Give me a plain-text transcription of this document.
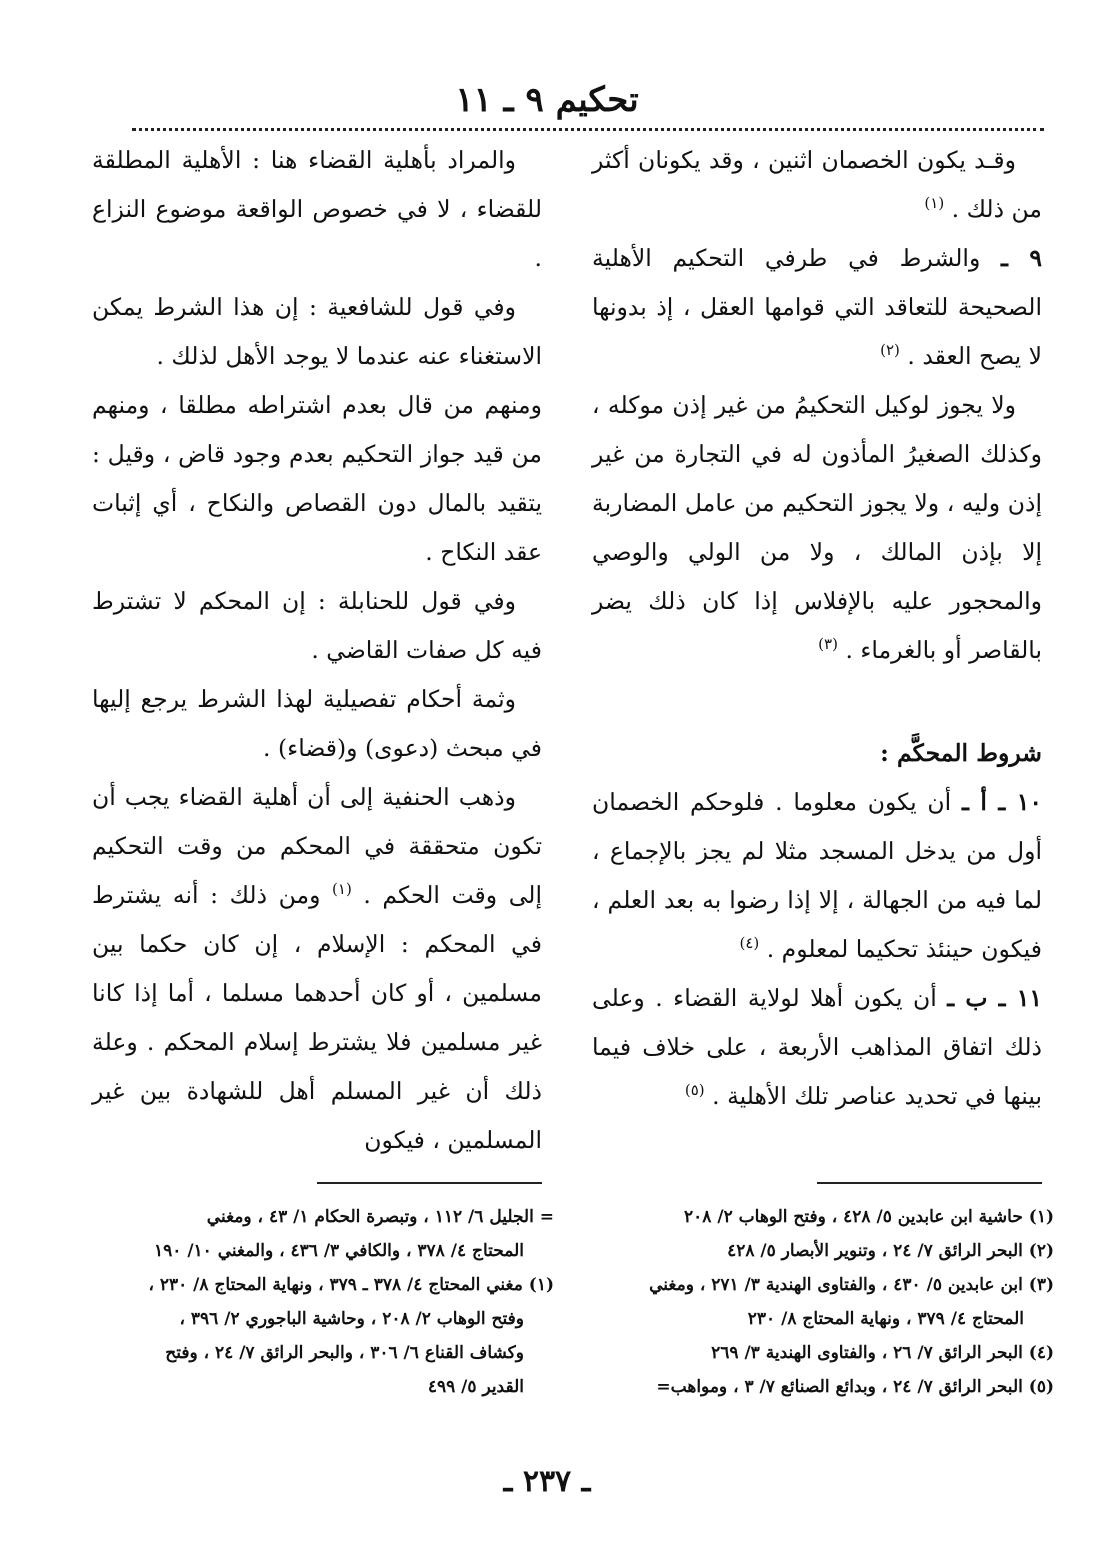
تحكيم ٩ ـ ١١

وقـد يكون الخصمان اثنين ، وقد يكونان أكثر من ذلك . $^{(١)}$

٩ ـ والشرط في طرفي التحكيم الأهلية الصحيحة للتعاقد التي قوامها العقل ، إذ بدونها لا يصح العقد . $^{(٢)}$

ولا يجوز لوكيل التحكيمُ من غير إذن موكله ، وكذلك الصغيرُ المأذون له في التجارة من غير إذن وليه ، ولا يجوز التحكيم من عامل المضاربة إلا بإذن المالك ، ولا من الولي والوصي والمحجور عليه بالإفلاس إذا كان ذلك يضر بالقاصر أو بالغرماء . $^{(٣)}$

شروط المحكَّم :

١٠ ـ أ ـ أن يكون معلوما . فلوحكم الخصمان أول من يدخل المسجد مثلا لم يجز بالإجماع ، لما فيه من الجهالة ، إلا إذا رضوا به بعد العلم ، فيكون حينئذ تحكيما لمعلوم . $^{(٤)}$

١١ ـ ب ـ أن يكون أهلا لولاية القضاء . وعلى ذلك اتفاق المذاهب الأربعة ، على خلاف فيما بينها في تحديد عناصر تلك الأهلية . $^{(٥)}$

والمراد بأهلية القضاء هنا : الأهلية المطلقة للقضاء ، لا في خصوص الواقعة موضوع النزاع .

وفي قول للشافعية : إن هذا الشرط يمكن الاستغناء عنه عندما لا يوجد الأهل لذلك .

ومنهم من قال بعدم اشتراطه مطلقا ، ومنهم من قيد جواز التحكيم بعدم وجود قاض ، وقيل : يتقيد بالمال دون القصاص والنكاح ، أي إثبات عقد النكاح .

وفي قول للحنابلة : إن المحكم لا تشترط فيه كل صفات القاضي .

وثمة أحكام تفصيلية لهذا الشرط يرجع إليها في مبحث (دعوى) و(قضاء) .

وذهب الحنفية إلى أن أهلية القضاء يجب أن تكون متحققة في المحكم من وقت التحكيم إلى وقت الحكم . $^{(١)}$ ومن ذلك : أنه يشترط في المحكم : الإسلام ، إن كان حكما بين مسلمين ، أو كان أحدهما مسلما ، أما إذا كانا غير مسلمين فلا يشترط إسلام المحكم . وعلة ذلك أن غير المسلم أهل للشهادة بين غير المسلمين ، فيكون

(١) حاشية ابن عابدين ٥/ ٤٢٨ ، وفتح الوهاب ٢/ ٢٠٨

(٢) البحر الرائق ٧/ ٢٤ ، وتنوير الأبصار ٥/ ٤٢٨

(٣) ابن عابدين ٥/ ٤٣٠ ، والفتاوى الهندية ٣/ ٢٧١ ، ومغني

المحتاج ٤/ ٣٧٩ ، ونهاية المحتاج ٨/ ٢٣٠

(٤) البحر الرائق ٧/ ٢٦ ، والفتاوى الهندية ٣/ ٢٦٩

(٥) البحر الرائق ٧/ ٢٤ ، وبدائع الصنائع ٧/ ٣ ، ومواهب=

= الجليل ٦/ ١١٢ ، وتبصرة الحكام ١/ ٤٣ ، ومغني

المحتاج ٤/ ٣٧٨ ، والكافي ٣/ ٤٣٦ ، والمغني ١٠/ ١٩٠

(١) مغني المحتاج ٤/ ٣٧٨ ـ ٣٧٩ ، ونهاية المحتاج ٨/ ٢٣٠ ،

وفتح الوهاب ٢/ ٢٠٨ ، وحاشية الباجوري ٢/ ٣٩٦ ،

وكشاف القناع ٦/ ٣٠٦ ، والبحر الرائق ٧/ ٢٤ ، وفتح

القدير ٥/ ٤٩٩

ـ ٢٣٧ ـ
